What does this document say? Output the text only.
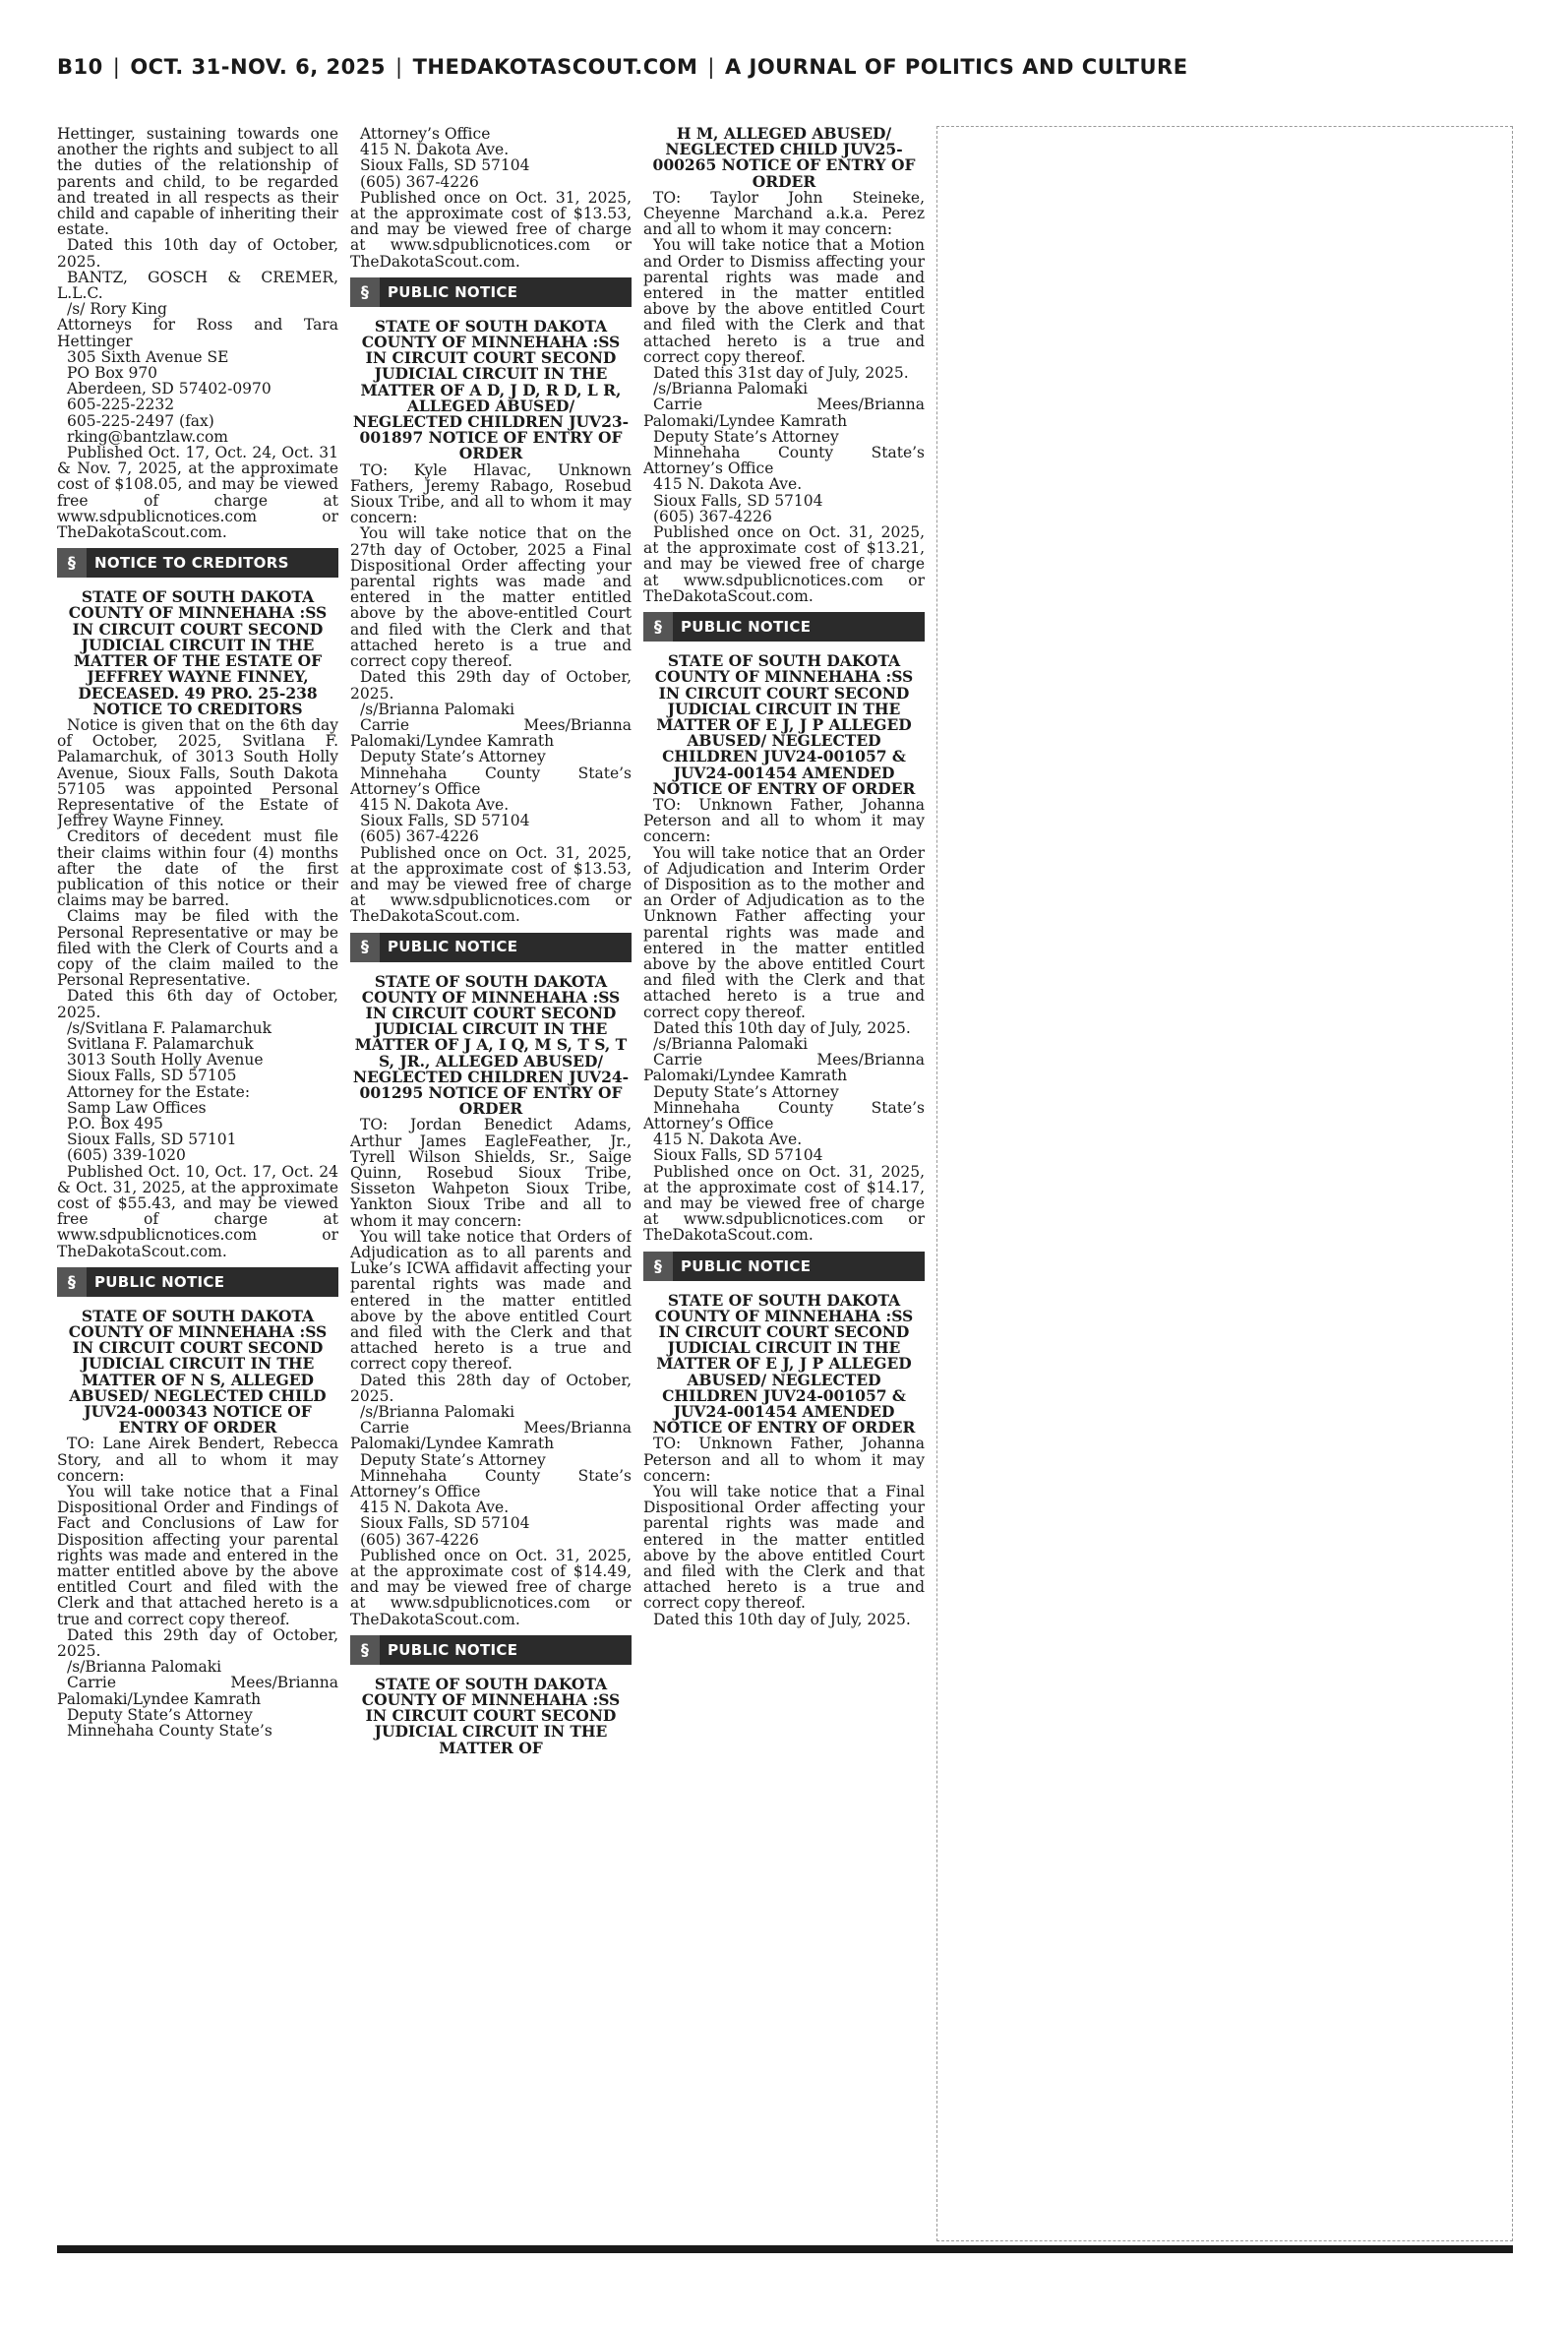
B10 | OCT. 31-NOV. 6, 2025 | THEDAKOTASCOUT.COM | A JOURNAL OF POLITICS AND CULTURE

Hettinger, sustaining towards one another the rights and subject to all the duties of the relationship of parents and child, to be regarded and treated in all respects as their child and capable of inheriting their estate.

Dated this 10th day of October, 2025.

BANTZ, GOSCH & CREMER, L.L.C.

/s/ Rory King

Attorneys for Ross and Tara Hettinger

305 Sixth Avenue SE

PO Box 970

Aberdeen, SD 57402-0970

605-225-2232

605-225-2497 (fax)

rking@bantzlaw.com

Published Oct. 17, Oct. 24, Oct. 31 & Nov. 7, 2025, at the approximate cost of $108.05, and may be viewed free of charge at www.sdpublicnotices.com or TheDakotaScout.com.

§	NOTICE TO CREDITORS

STATE OF SOUTH DAKOTA COUNTY OF MINNEHAHA :SS IN CIRCUIT COURT SECOND JUDICIAL CIRCUIT IN THE MATTER OF THE ESTATE OF JEFFREY WAYNE FINNEY, DECEASED. 49 PRO. 25-238 NOTICE TO CREDITORS

Notice is given that on the 6th day of October, 2025, Svitlana F. Palamarchuk, of 3013 South Holly Avenue, Sioux Falls, South Dakota 57105 was appointed Personal Representative of the Estate of Jeffrey Wayne Finney.

Creditors of decedent must file their claims within four (4) months after the date of the first publication of this notice or their claims may be barred.

Claims may be filed with the Personal Representative or may be filed with the Clerk of Courts and a copy of the claim mailed to the Personal Representative.

Dated this 6th day of October, 2025.

/s/Svitlana F. Palamarchuk

Svitlana F. Palamarchuk

3013 South Holly Avenue

Sioux Falls, SD 57105

Attorney for the Estate:

Samp Law Offices

P.O. Box 495

Sioux Falls, SD 57101

(605) 339-1020

Published Oct. 10, Oct. 17, Oct. 24 & Oct. 31, 2025, at the approximate cost of $55.43, and may be viewed free of charge at www.sdpublicnotices.com or TheDakotaScout.com.

§	PUBLIC NOTICE

STATE OF SOUTH DAKOTA COUNTY OF MINNEHAHA :SS IN CIRCUIT COURT SECOND JUDICIAL CIRCUIT IN THE MATTER OF N S, ALLEGED ABUSED/ NEGLECTED CHILD JUV24-000343 NOTICE OF ENTRY OF ORDER

TO: Lane Airek Bendert, Rebecca Story, and all to whom it may concern:

You will take notice that a Final Dispositional Order and Findings of Fact and Conclusions of Law for Disposition affecting your parental rights was made and entered in the matter entitled above by the above entitled Court and filed with the Clerk and that attached hereto is a true and correct copy thereof.

Dated this 29th day of October, 2025.

/s/Brianna Palomaki

Carrie Mees/Brianna Palomaki/Lyndee Kamrath

Deputy State’s Attorney

Minnehaha County State’s

Attorney’s Office

415 N. Dakota Ave.

Sioux Falls, SD 57104

(605) 367-4226

Published once on Oct. 31, 2025, at the approximate cost of $13.53, and may be viewed free of charge at www.sdpublicnotices.com or TheDakotaScout.com.

§	PUBLIC NOTICE

STATE OF SOUTH DAKOTA COUNTY OF MINNEHAHA :SS IN CIRCUIT COURT SECOND JUDICIAL CIRCUIT IN THE MATTER OF A D, J D, R D, L R, ALLEGED ABUSED/ NEGLECTED CHILDREN JUV23-001897 NOTICE OF ENTRY OF ORDER

TO: Kyle Hlavac, Unknown Fathers, Jeremy Rabago, Rosebud Sioux Tribe, and all to whom it may concern:

You will take notice that on the 27th day of October, 2025 a Final Dispositional Order affecting your parental rights was made and entered in the matter entitled above by the above-entitled Court and filed with the Clerk and that attached hereto is a true and correct copy thereof.

Dated this 29th day of October, 2025.

/s/Brianna Palomaki

Carrie Mees/Brianna Palomaki/Lyndee Kamrath

Deputy State’s Attorney

Minnehaha County State’s Attorney’s Office

415 N. Dakota Ave.

Sioux Falls, SD 57104

(605) 367-4226

Published once on Oct. 31, 2025, at the approximate cost of $13.53, and may be viewed free of charge at www.sdpublicnotices.com or TheDakotaScout.com.

§	PUBLIC NOTICE

STATE OF SOUTH DAKOTA COUNTY OF MINNEHAHA :SS IN CIRCUIT COURT SECOND JUDICIAL CIRCUIT IN THE MATTER OF J A, I Q, M S, T S, T S, JR., ALLEGED ABUSED/ NEGLECTED CHILDREN JUV24-001295 NOTICE OF ENTRY OF ORDER

TO: Jordan Benedict Adams, Arthur James EagleFeather, Jr., Tyrell Wilson Shields, Sr., Saige Quinn, Rosebud Sioux Tribe, Sisseton Wahpeton Sioux Tribe, Yankton Sioux Tribe and all to whom it may concern:

You will take notice that Orders of Adjudication as to all parents and Luke’s ICWA affidavit affecting your parental rights was made and entered in the matter entitled above by the above entitled Court and filed with the Clerk and that attached hereto is a true and correct copy thereof.

Dated this 28th day of October, 2025.

/s/Brianna Palomaki

Carrie Mees/Brianna Palomaki/Lyndee Kamrath

Deputy State’s Attorney

Minnehaha County State’s Attorney’s Office

415 N. Dakota Ave.

Sioux Falls, SD 57104

(605) 367-4226

Published once on Oct. 31, 2025, at the approximate cost of $14.49, and may be viewed free of charge at www.sdpublicnotices.com or TheDakotaScout.com.

§	PUBLIC NOTICE

STATE OF SOUTH DAKOTA COUNTY OF MINNEHAHA :SS IN CIRCUIT COURT SECOND JUDICIAL CIRCUIT IN THE MATTER OF

H M, ALLEGED ABUSED/ NEGLECTED CHILD JUV25-000265 NOTICE OF ENTRY OF ORDER

TO: Taylor John Steineke, Cheyenne Marchand a.k.a. Perez and all to whom it may concern:

You will take notice that a Motion and Order to Dismiss affecting your parental rights was made and entered in the matter entitled above by the above entitled Court and filed with the Clerk and that attached hereto is a true and correct copy thereof.

Dated this 31st day of July, 2025.

/s/Brianna Palomaki

Carrie Mees/Brianna Palomaki/Lyndee Kamrath

Deputy State’s Attorney

Minnehaha County State’s Attorney’s Office

415 N. Dakota Ave.

Sioux Falls, SD 57104

(605) 367-4226

Published once on Oct. 31, 2025, at the approximate cost of $13.21, and may be viewed free of charge at www.sdpublicnotices.com or TheDakotaScout.com.

§	PUBLIC NOTICE

STATE OF SOUTH DAKOTA COUNTY OF MINNEHAHA :SS IN CIRCUIT COURT SECOND JUDICIAL CIRCUIT IN THE MATTER OF E J, J P ALLEGED ABUSED/ NEGLECTED CHILDREN JUV24-001057 & JUV24-001454 AMENDED NOTICE OF ENTRY OF ORDER

TO: Unknown Father, Johanna Peterson and all to whom it may concern:

You will take notice that an Order of Adjudication and Interim Order of Disposition as to the mother and an Order of Adjudication as to the Unknown Father affecting your parental rights was made and entered in the matter entitled above by the above entitled Court and filed with the Clerk and that attached hereto is a true and correct copy thereof.

Dated this 10th day of July, 2025.

/s/Brianna Palomaki

Carrie Mees/Brianna Palomaki/Lyndee Kamrath

Deputy State’s Attorney

Minnehaha County State’s Attorney’s Office

415 N. Dakota Ave.

Sioux Falls, SD 57104

Published once on Oct. 31, 2025, at the approximate cost of $14.17, and may be viewed free of charge at www.sdpublicnotices.com or TheDakotaScout.com.

§	PUBLIC NOTICE

STATE OF SOUTH DAKOTA COUNTY OF MINNEHAHA :SS IN CIRCUIT COURT SECOND JUDICIAL CIRCUIT IN THE MATTER OF E J, J P ALLEGED ABUSED/ NEGLECTED CHILDREN JUV24-001057 & JUV24-001454 AMENDED NOTICE OF ENTRY OF ORDER

TO: Unknown Father, Johanna Peterson and all to whom it may concern:

You will take notice that a Final Dispositional Order affecting your parental rights was made and entered in the matter entitled above by the above entitled Court and filed with the Clerk and that attached hereto is a true and correct copy thereof.

Dated this 10th day of July, 2025.
